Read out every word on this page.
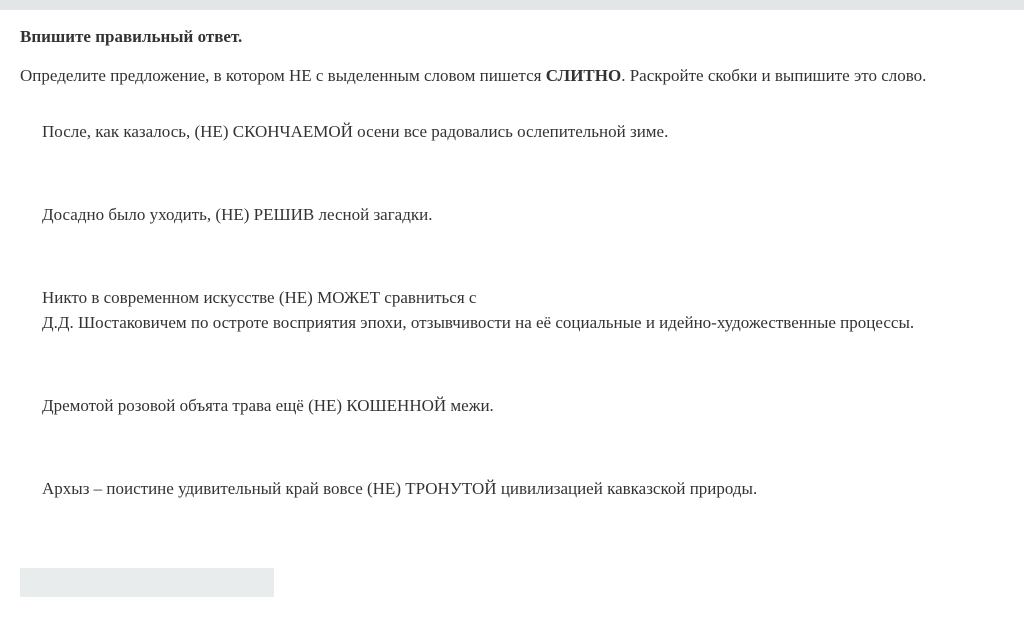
Впишите правильный ответ.
Определите предложение, в котором НЕ с выделенным словом пишется СЛИТНО. Раскройте скобки и выпишите это слово.
После, как казалось, (НЕ) СКОНЧАЕМОЙ осени все радовались ослепительной зиме.
Досадно было уходить, (НЕ) РЕШИВ лесной загадки.
Никто в современном искусстве (НЕ) МОЖЕТ сравниться с
Д.Д. Шостаковичем по остроте восприятия эпохи, отзывчивости на её социальные и идейно-художественные процессы.
Дремотой розовой объята трава ещё (НЕ) КОШЕННОЙ межи.
Архыз – поистине удивительный край вовсе (НЕ) ТРОНУТОЙ цивилизацией кавказской природы.
